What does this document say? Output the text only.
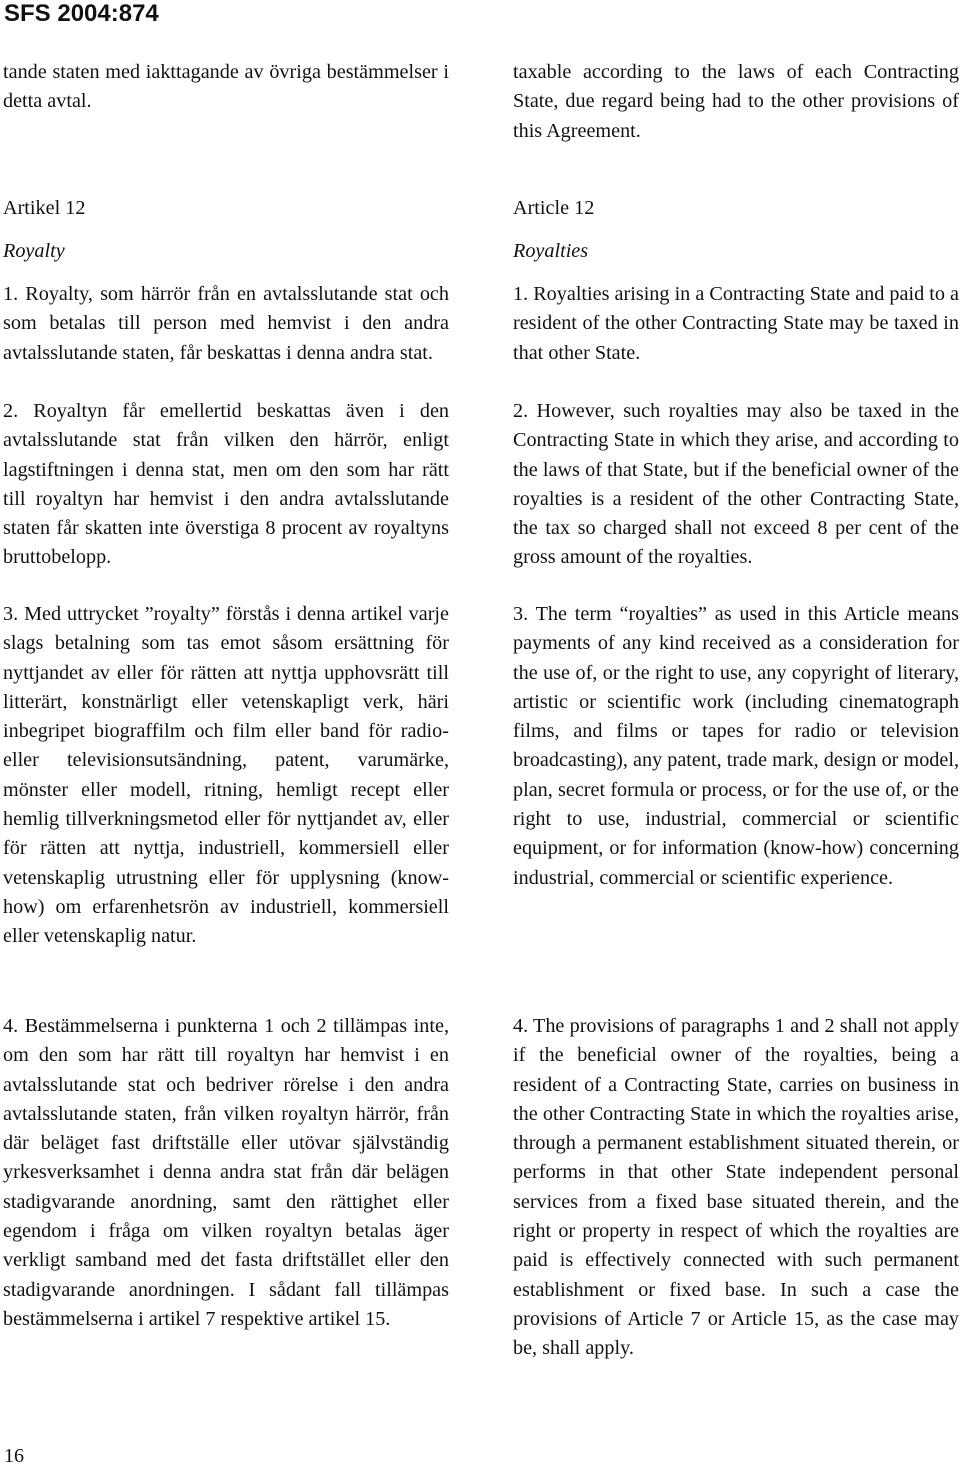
SFS 2004:874

tande staten med iakttagande av övriga bestämmelser i detta avtal.

Artikel 12
Royalty

1. Royalty, som härrör från en avtalsslutande stat och som betalas till person med hemvist i den andra avtalsslutande staten, får beskattas i denna andra stat.

2. Royaltyn får emellertid beskattas även i den avtalsslutande stat från vilken den härrör, enligt lagstiftningen i denna stat, men om den som har rätt till royaltyn har hemvist i den andra avtalsslutande staten får skatten inte överstiga 8 procent av royaltyns bruttobelopp.

3. Med uttrycket ”royalty” förstås i denna artikel varje slags betalning som tas emot såsom ersättning för nyttjandet av eller för rätten att nyttja upphovsrätt till litterärt, konstnärligt eller vetenskapligt verk, häri inbegripet biograffilm och film eller band för radio- eller televisionsutsändning, patent, varumärke, mönster eller modell, ritning, hemligt recept eller hemlig tillverkningsmetod eller för nyttjandet av, eller för rätten att nyttja, industriell, kommersiell eller vetenskaplig utrustning eller för upplysning (know-how) om erfarenhetsrön av industriell, kommersiell eller vetenskaplig natur.

4. Bestämmelserna i punkterna 1 och 2 tillämpas inte, om den som har rätt till royaltyn har hemvist i en avtalsslutande stat och bedriver rörelse i den andra avtalsslutande staten, från vilken royaltyn härrör, från där beläget fast driftställe eller utövar självständig yrkesverksamhet i denna andra stat från där belägen stadigvarande anordning, samt den rättighet eller egendom i fråga om vilken royaltyn betalas äger verkligt samband med det fasta driftstället eller den stadigvarande anordningen. I sådant fall tillämpas bestämmelserna i artikel 7 respektive artikel 15.

taxable according to the laws of each Contracting State, due regard being had to the other provisions of this Agreement.

Article 12
Royalties

1. Royalties arising in a Contracting State and paid to a resident of the other Contracting State may be taxed in that other State.

2. However, such royalties may also be taxed in the Contracting State in which they arise, and according to the laws of that State, but if the beneficial owner of the royalties is a resident of the other Contracting State, the tax so charged shall not exceed 8 per cent of the gross amount of the royalties.

3. The term “royalties” as used in this Article means payments of any kind received as a consideration for the use of, or the right to use, any copyright of literary, artistic or scientific work (including cinematograph films, and films or tapes for radio or television broadcasting), any patent, trade mark, design or model, plan, secret formula or process, or for the use of, or the right to use, industrial, commercial or scientific equipment, or for information (know-how) concerning industrial, commercial or scientific experience.

4. The provisions of paragraphs 1 and 2 shall not apply if the beneficial owner of the royalties, being a resident of a Contracting State, carries on business in the other Contracting State in which the royalties arise, through a permanent establishment situated therein, or performs in that other State independent personal services from a fixed base situated therein, and the right or property in respect of which the royalties are paid is effectively connected with such permanent establishment or fixed base. In such a case the provisions of Article 7 or Article 15, as the case may be, shall apply.

16
